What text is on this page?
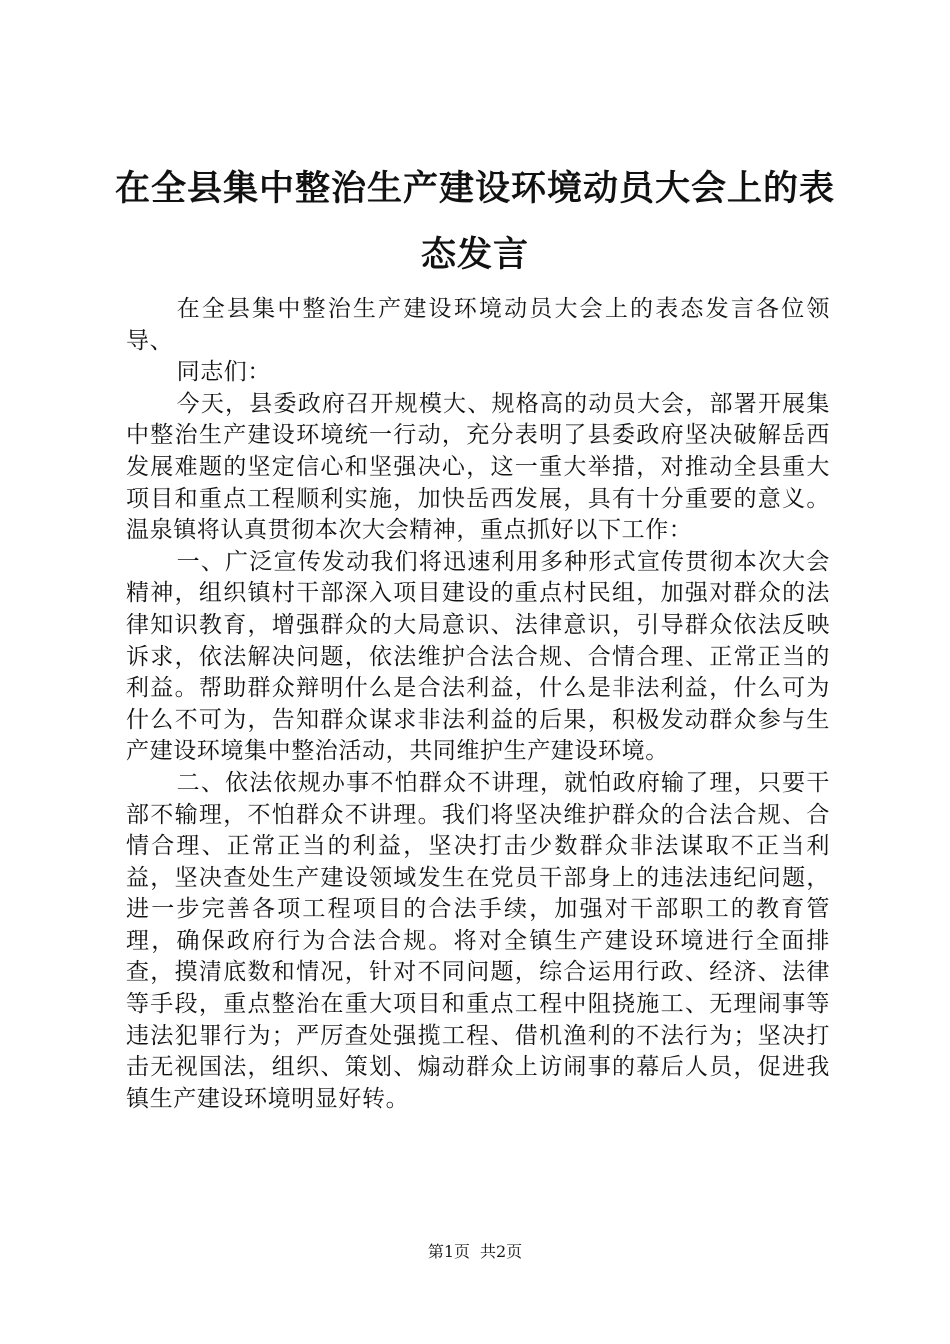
在全县集中整治生产建设环境动员大会上的表态发言

在全县集中整治生产建设环境动员大会上的表态发言各位领导、

同志们：

今天，县委政府召开规模大、规格高的动员大会，部署开展集中整治生产建设环境统一行动，充分表明了县委政府坚决破解岳西发展难题的坚定信心和坚强决心，这一重大举措，对推动全县重大项目和重点工程顺利实施，加快岳西发展，具有十分重要的意义。温泉镇将认真贯彻本次大会精神，重点抓好以下工作：

一、广泛宣传发动我们将迅速利用多种形式宣传贯彻本次大会精神，组织镇村干部深入项目建设的重点村民组，加强对群众的法律知识教育，增强群众的大局意识、法律意识，引导群众依法反映诉求，依法解决问题，依法维护合法合规、合情合理、正常正当的利益。帮助群众辩明什么是合法利益，什么是非法利益，什么可为什么不可为，告知群众谋求非法利益的后果，积极发动群众参与生产建设环境集中整治活动，共同维护生产建设环境。

二、依法依规办事不怕群众不讲理，就怕政府输了理，只要干部不输理，不怕群众不讲理。我们将坚决维护群众的合法合规、合情合理、正常正当的利益，坚决打击少数群众非法谋取不正当利益，坚决查处生产建设领域发生在党员干部身上的违法违纪问题，进一步完善各项工程项目的合法手续，加强对干部职工的教育管理，确保政府行为合法合规。将对全镇生产建设环境进行全面排查，摸清底数和情况，针对不同问题，综合运用行政、经济、法律等手段，重点整治在重大项目和重点工程中阻挠施工、无理闹事等违法犯罪行为；严厉查处强揽工程、借机渔利的不法行为；坚决打击无视国法，组织、策划、煽动群众上访闹事的幕后人员，促进我镇生产建设环境明显好转。

第1页 共2页
